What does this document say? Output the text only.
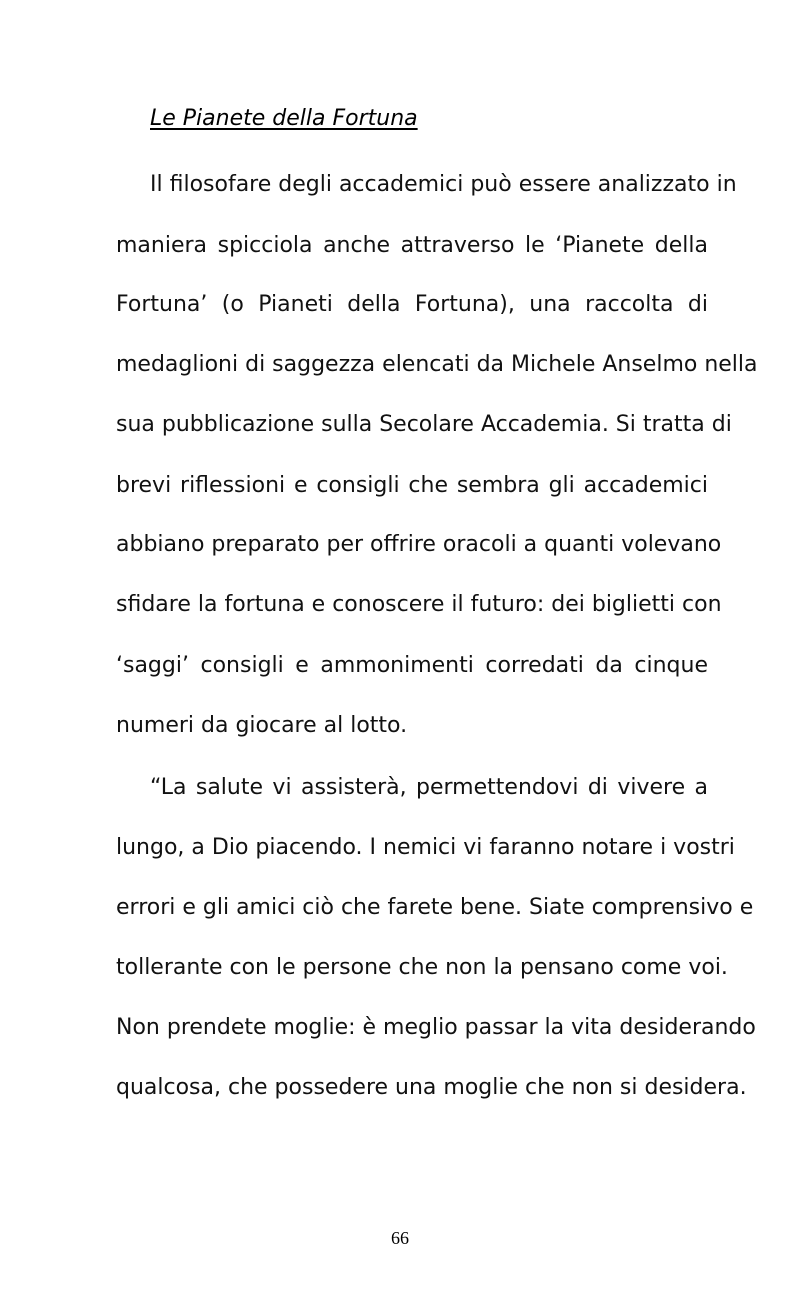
Le Pianete della Fortuna
Il filosofare degli accademici può essere analizzato in
maniera spicciola anche attraverso le ‘Pianete della
Fortuna’ (o Pianeti della Fortuna), una raccolta di
medaglioni di saggezza elencati da Michele Anselmo nella
sua pubblicazione sulla Secolare Accademia. Si tratta di
brevi riflessioni e consigli che sembra gli accademici
abbiano preparato per offrire oracoli a quanti volevano
sfidare la fortuna e conoscere il futuro: dei biglietti con
‘saggi’ consigli e ammonimenti corredati da cinque
numeri da giocare al lotto.
“La salute vi assisterà, permettendovi di vivere a
lungo, a Dio piacendo. I nemici vi faranno notare i vostri
errori e gli amici ciò che farete bene. Siate comprensivo e
tollerante con le persone che non la pensano come voi.
Non prendete moglie: è meglio passar la vita desiderando
qualcosa, che possedere una moglie che non si desidera.
66
